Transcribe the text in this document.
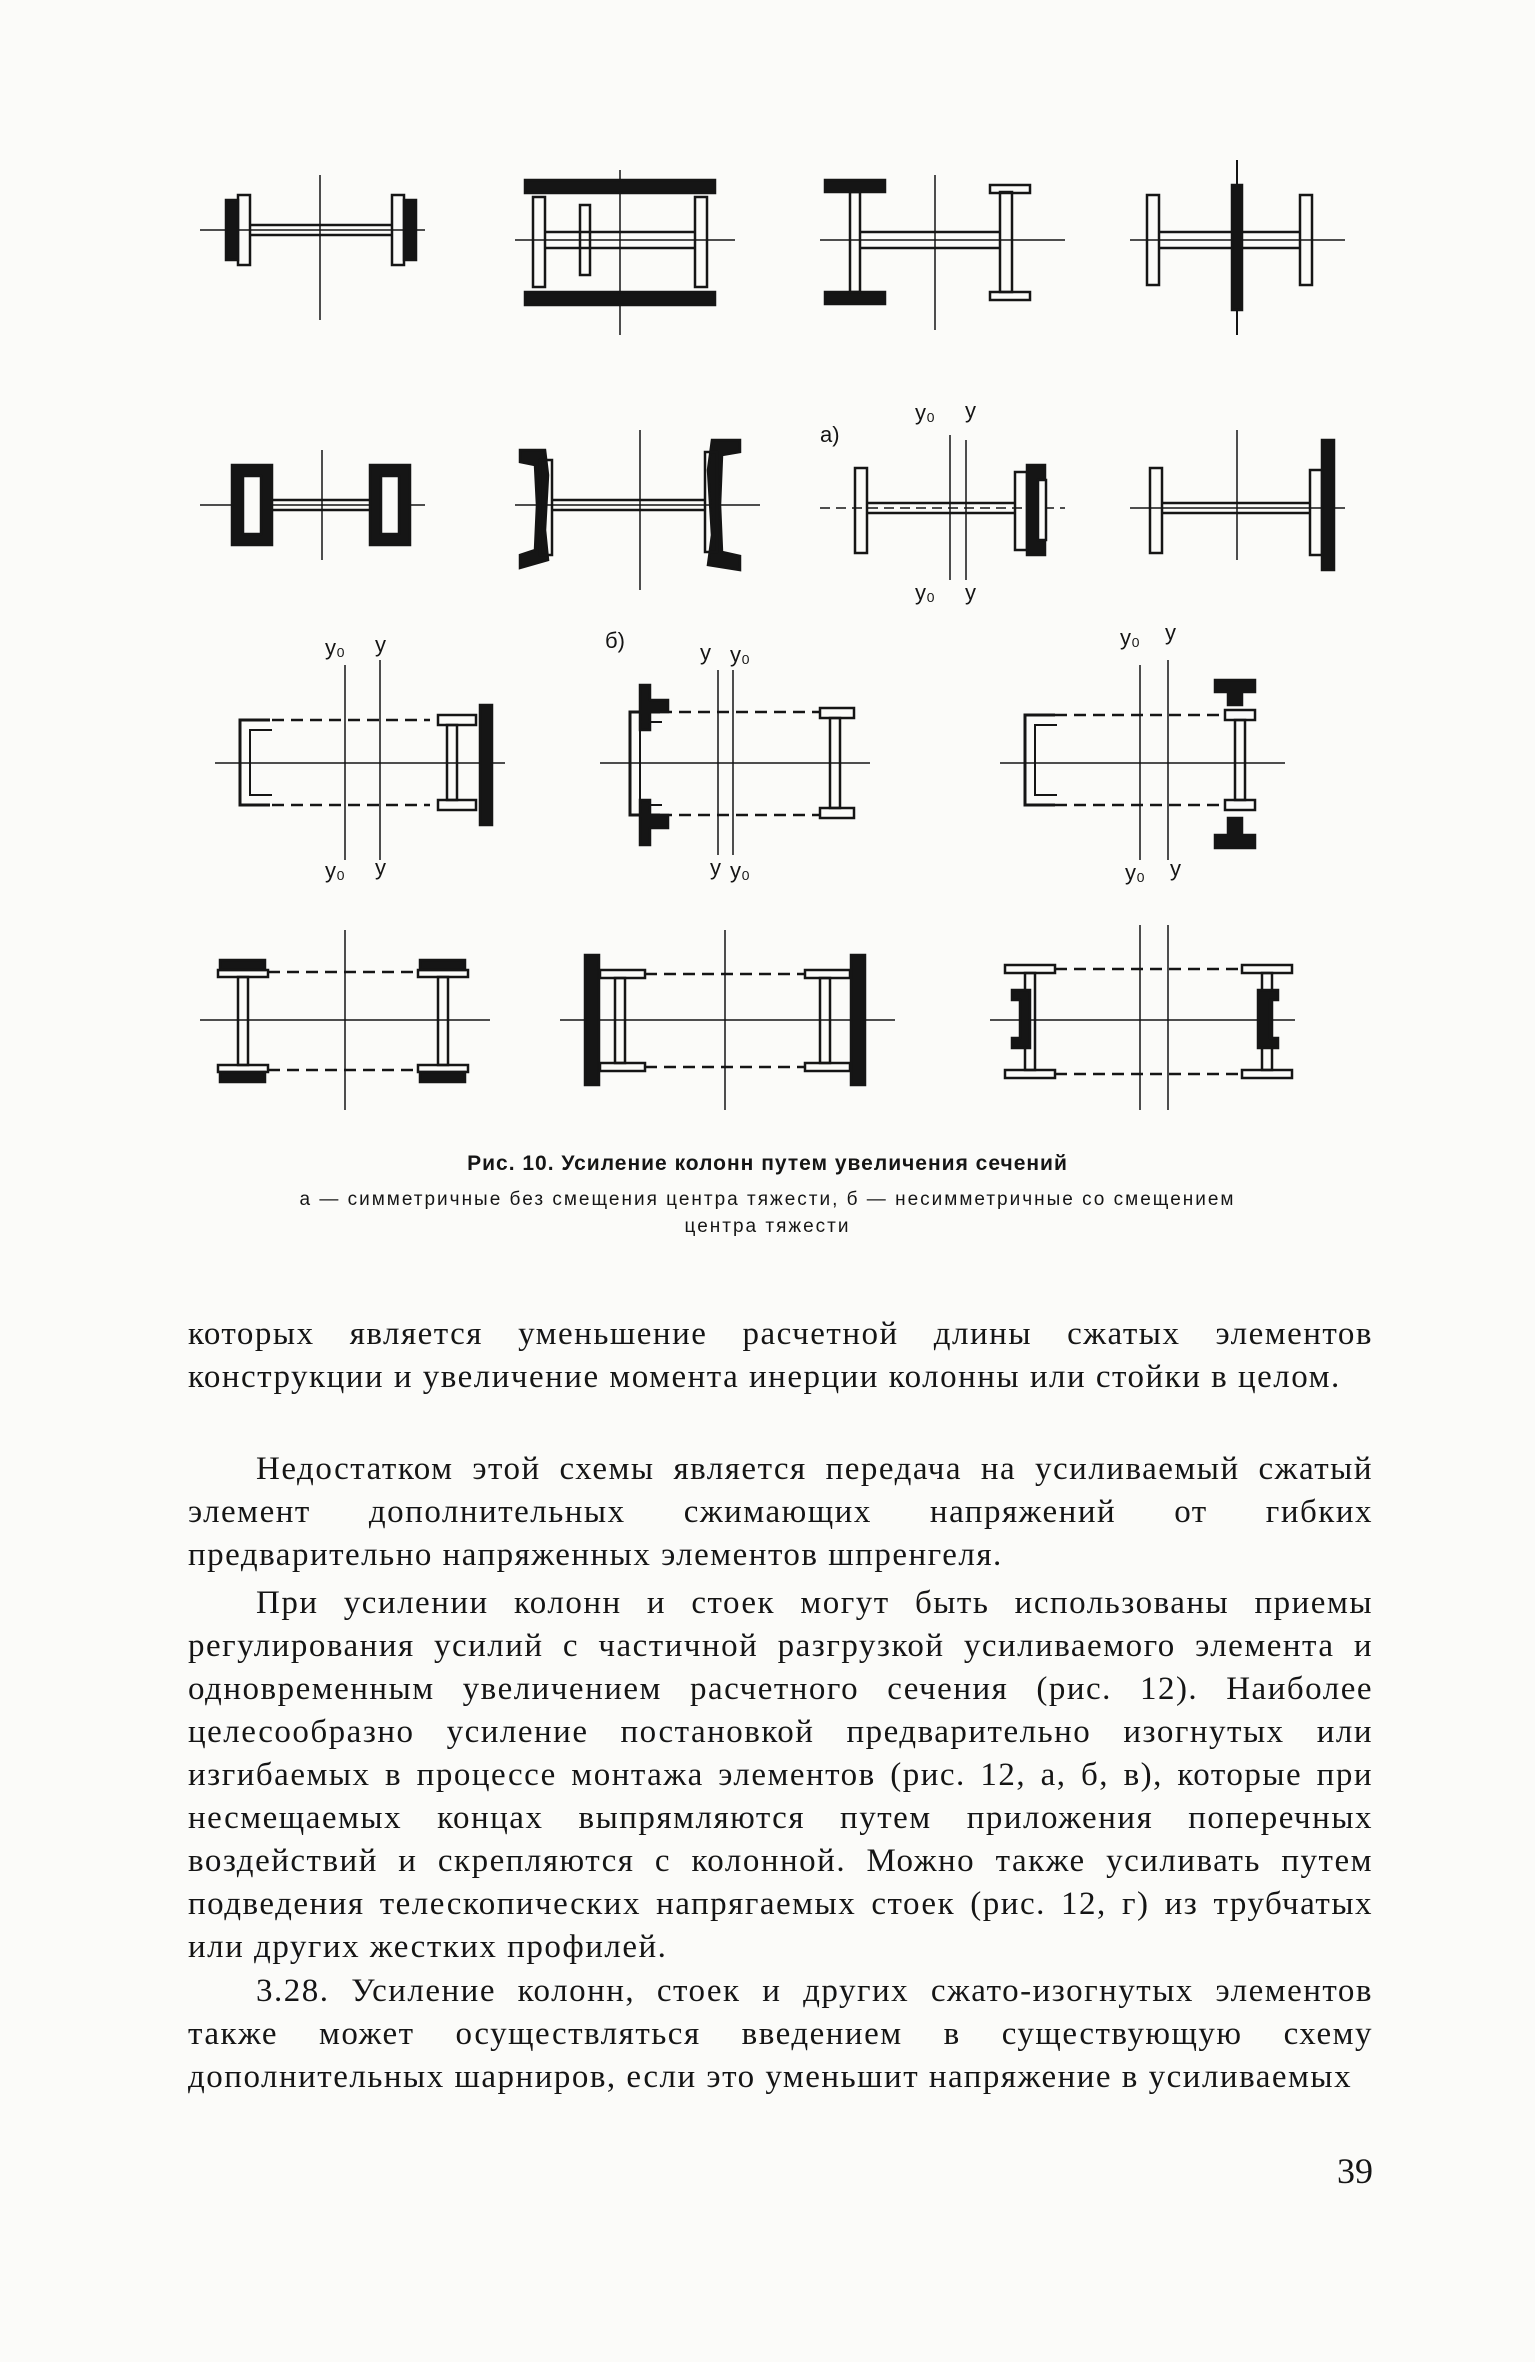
а)
б)
у₀ у
у₀ у
у₀ у	у у₀
у₀ у
у₀ у	у у₀	у₀ у
Рис. 10. Усиление колонн путем увеличения сечений
а — симметричные без смещения центра тяжести, б — несимметричные со смещением
центра тяжести

которых является уменьшение расчетной длины сжатых элементов конструкции и увеличение момента инерции колонны или стойки в целом.

Недостатком этой схемы является передача на усиливаемый сжатый элемент дополнительных сжимающих напряжений от гибких предварительно напряженных элементов шпренгеля.

При усилении колонн и стоек могут быть использованы приемы регулирования усилий с частичной разгрузкой усиливаемого элемента и одновременным увеличением расчетного сечения (рис. 12). Наиболее целесообразно усиление постановкой предварительно изогнутых или изгибаемых в процессе монтажа элементов (рис. 12, а, б, в), которые при несмещаемых концах выпрямляются путем приложения поперечных воздействий и скрепляются с колонной. Можно также усиливать путем подведения телескопических напрягаемых стоек (рис. 12, г) из трубчатых или других жестких профилей.

3.28. Усиление колонн, стоек и других сжато-изогнутых элементов также может осуществляться введением в существующую схему дополнительных шарниров, если это уменьшит напряжение в усиливаемых

39
